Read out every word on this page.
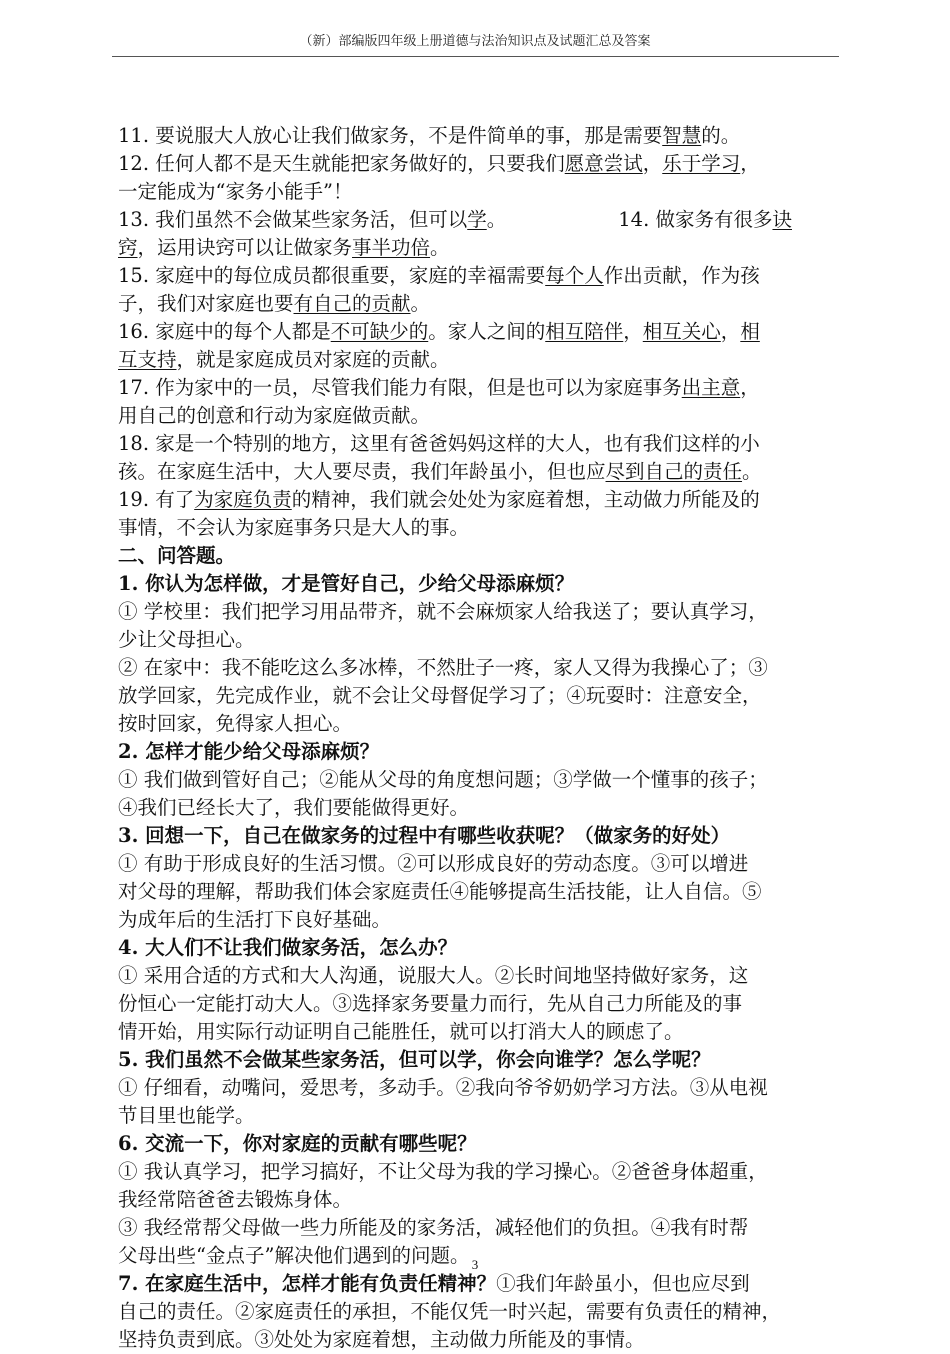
（新）部编版四年级上册道德与法治知识点及试题汇总及答案
11. 要说服大人放心让我们做家务，不是件简单的事，那是需要智慧的。
12. 任何人都不是天生就能把家务做好的，只要我们愿意尝试，乐于学习，
一定能成为“家务小能手”！
13. 我们虽然不会做某些家务活，但可以学。	14. 做家务有很多诀
窍，运用诀窍可以让做家务事半功倍。
15. 家庭中的每位成员都很重要，家庭的幸福需要每个人作出贡献，作为孩
子，我们对家庭也要有自己的贡献。
16. 家庭中的每个人都是不可缺少的。家人之间的相互陪伴，相互关心，相
互支持，就是家庭成员对家庭的贡献。
17. 作为家中的一员，尽管我们能力有限，但是也可以为家庭事务出主意，
用自己的创意和行动为家庭做贡献。
18. 家是一个特别的地方，这里有爸爸妈妈这样的大人，也有我们这样的小
孩。在家庭生活中，大人要尽责，我们年龄虽小，但也应尽到自己的责任。
19. 有了为家庭负责的精神，我们就会处处为家庭着想，主动做力所能及的
事情，不会认为家庭事务只是大人的事。
二、问答题。
1. 你认为怎样做，才是管好自己，少给父母添麻烦？
① 学校里：我们把学习用品带齐，就不会麻烦家人给我送了；要认真学习，
少让父母担心。
② 在家中：我不能吃这么多冰棒，不然肚子一疼，家人又得为我操心了；③
放学回家，先完成作业，就不会让父母督促学习了；④玩耍时：注意安全，
按时回家，免得家人担心。
2. 怎样才能少给父母添麻烦？
① 我们做到管好自己；②能从父母的角度想问题；③学做一个懂事的孩子；
④我们已经长大了，我们要能做得更好。
3. 回想一下，自己在做家务的过程中有哪些收获呢？（做家务的好处）
① 有助于形成良好的生活习惯。②可以形成良好的劳动态度。③可以增进
对父母的理解，帮助我们体会家庭责任④能够提高生活技能，让人自信。⑤
为成年后的生活打下良好基础。
4. 大人们不让我们做家务活，怎么办？
① 采用合适的方式和大人沟通，说服大人。②长时间地坚持做好家务，这
份恒心一定能打动大人。③选择家务要量力而行，先从自己力所能及的事
情开始，用实际行动证明自己能胜任，就可以打消大人的顾虑了。
5. 我们虽然不会做某些家务活，但可以学，你会向谁学？怎么学呢？
① 仔细看，动嘴问，爱思考，多动手。②我向爷爷奶奶学习方法。③从电视
节目里也能学。
6. 交流一下，你对家庭的贡献有哪些呢？
① 我认真学习，把学习搞好，不让父母为我的学习操心。②爸爸身体超重，
我经常陪爸爸去锻炼身体。
③ 我经常帮父母做一些力所能及的家务活，减轻他们的负担。④我有时帮
父母出些“金点子”解决他们遇到的问题。
7. 在家庭生活中，怎样才能有负责任精神？①我们年龄虽小，但也应尽到
自己的责任。②家庭责任的承担，不能仅凭一时兴起，需要有负责任的精神，
坚持负责到底。③处处为家庭着想，主动做力所能及的事情。
3
